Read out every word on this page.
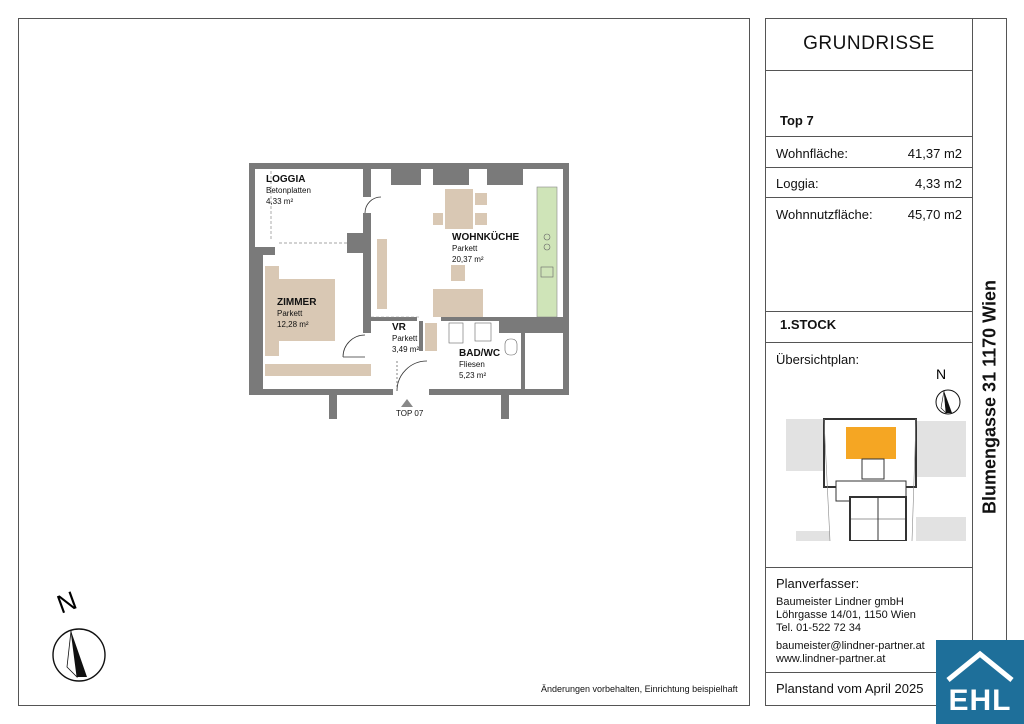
N
LOGGIA
Betonplatten
4,33 m²
WOHNKÜCHE
Parkett
20,37 m²
ZIMMER
Parkett
12,28 m²	VR
Parkett
3,49 m²	BAD/WC
Fliesen
5,23 m²
TOP 07
Änderungen vorbehalten, Einrichtung beispielhaft
GRUNDRISSE
Top 7
Wohnfläche:	41,37 m2
Loggia:	4,33 m2
Wohnnutzfläche:	45,70 m2
1.STOCK
Übersichtplan:
N
Planverfasser:
Baumeister Lindner gmbH
Löhrgasse 14/01, 1150 Wien
Tel. 01-522 72 34
baumeister@lindner-partner.at
www.lindner-partner.at
Planstand vom April 2025
Blumengasse 31 1170 Wien
EHL
